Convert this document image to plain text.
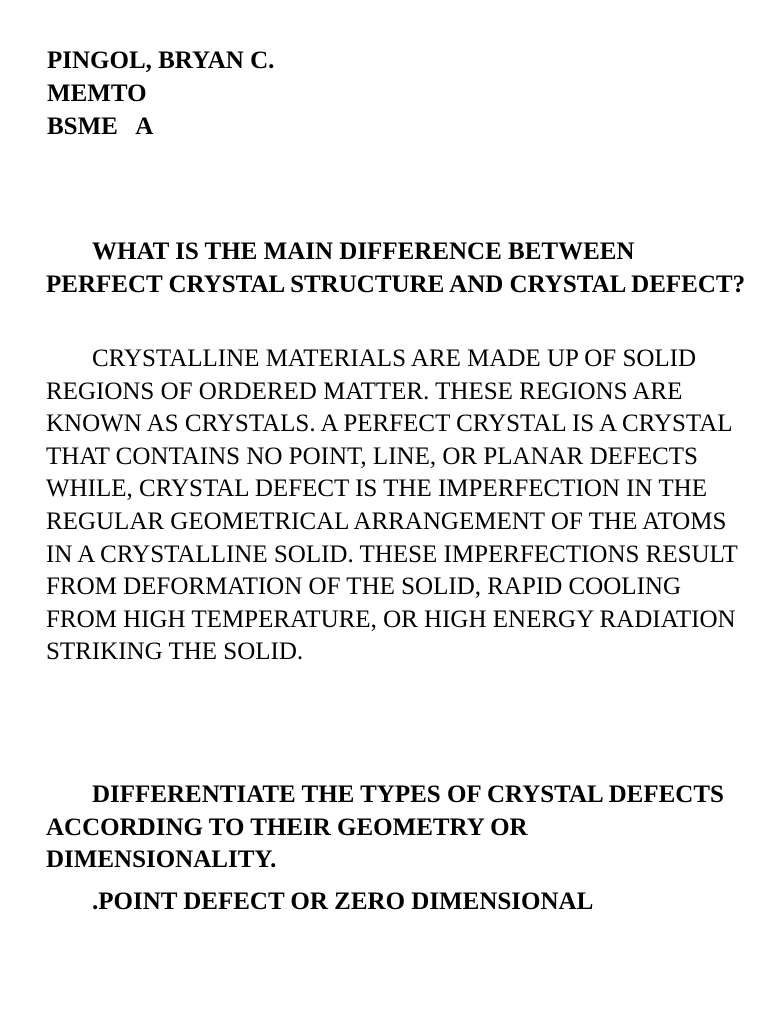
PINGOL, BRYAN C.
MEMTO
BSME   A

WHAT IS THE MAIN DIFFERENCE BETWEEN PERFECT CRYSTAL STRUCTURE AND CRYSTAL DEFECT?

CRYSTALLINE MATERIALS ARE MADE UP OF SOLID REGIONS OF ORDERED MATTER. THESE REGIONS ARE KNOWN AS CRYSTALS. A PERFECT CRYSTAL IS A CRYSTAL THAT CONTAINS NO POINT, LINE, OR PLANAR DEFECTS WHILE, CRYSTAL DEFECT IS THE IMPERFECTION IN THE REGULAR GEOMETRICAL ARRANGEMENT OF THE ATOMS IN A CRYSTALLINE SOLID. THESE IMPERFECTIONS RESULT FROM DEFORMATION OF THE SOLID, RAPID COOLING FROM HIGH TEMPERATURE, OR HIGH ENERGY RADIATION STRIKING THE SOLID.

DIFFERENTIATE THE TYPES OF CRYSTAL DEFECTS ACCORDING TO THEIR GEOMETRY OR DIMENSIONALITY.

.POINT DEFECT OR ZERO DIMENSIONAL
